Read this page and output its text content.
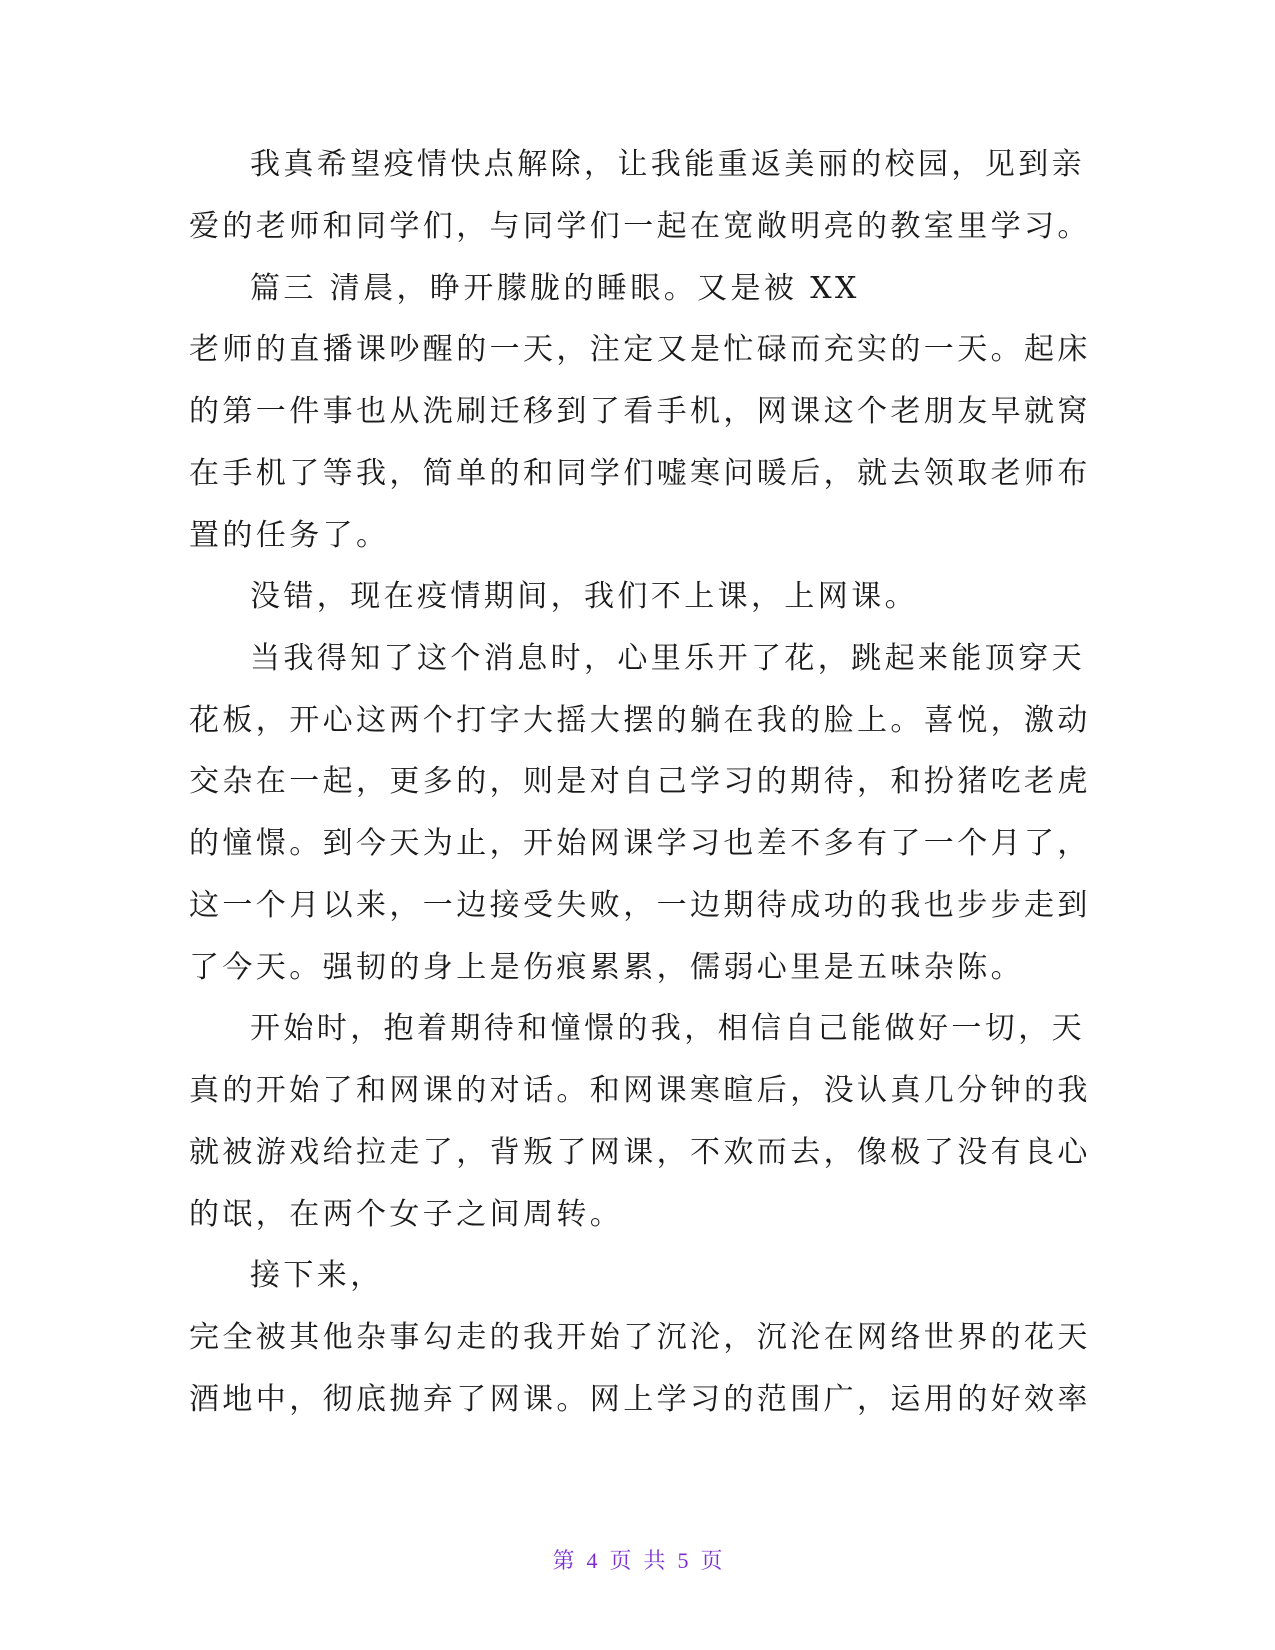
我真希望疫情快点解除，让我能重返美丽的校园，见到亲
爱的老师和同学们，与同学们一起在宽敞明亮的教室里学习。
篇三 清晨，睁开朦胧的睡眼。又是被 XX
老师的直播课吵醒的一天，注定又是忙碌而充实的一天。起床
的第一件事也从洗刷迁移到了看手机，网课这个老朋友早就窝
在手机了等我，简单的和同学们嘘寒问暖后，就去领取老师布
置的任务了。
没错，现在疫情期间，我们不上课，上网课。
当我得知了这个消息时，心里乐开了花，跳起来能顶穿天
花板，开心这两个打字大摇大摆的躺在我的脸上。喜悦，激动
交杂在一起，更多的，则是对自己学习的期待，和扮猪吃老虎
的憧憬。到今天为止，开始网课学习也差不多有了一个月了，
这一个月以来，一边接受失败，一边期待成功的我也步步走到
了今天。强韧的身上是伤痕累累，儒弱心里是五味杂陈。
开始时，抱着期待和憧憬的我，相信自己能做好一切，天
真的开始了和网课的对话。和网课寒暄后，没认真几分钟的我
就被游戏给拉走了，背叛了网课，不欢而去，像极了没有良心
的氓，在两个女子之间周转。
接下来，
完全被其他杂事勾走的我开始了沉沦，沉沦在网络世界的花天
酒地中，彻底抛弃了网课。网上学习的范围广，运用的好效率
第 4 页 共 5 页
